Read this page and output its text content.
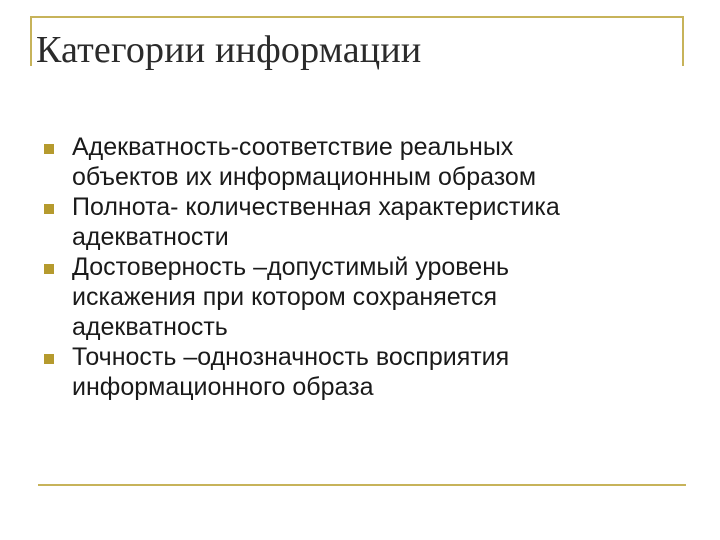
Категории информации
Адекватность-соответствие реальных
объектов их информационным образом
Полнота- количественная характеристика
адекватности
Достоверность –допустимый уровень
искажения при котором сохраняется
адекватность
Точность –однозначность восприятия
информационного образа
